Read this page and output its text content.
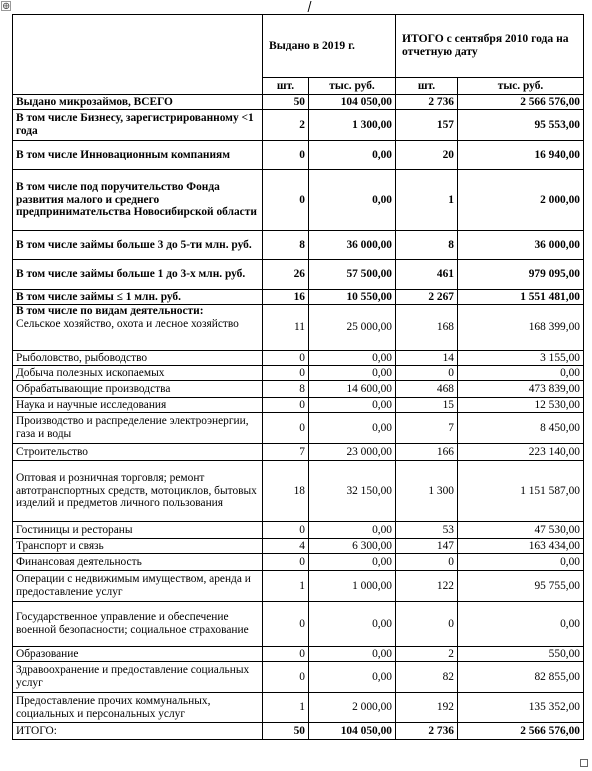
⊕
	Выдано в 2019 г.		ИТОГО с сентября 2010 года на отчетную дату	
	шт.	тыс. руб.	шт.	тыс. руб.
Выдано микрозаймов, ВСЕГО	50	104 050,00	2 736	2 566 576,00
В том числе Бизнесу, зарегистрированному <1 года	2	1 300,00	157	95 553,00
В том числе Инновационным компаниям	0	0,00	20	16 940,00
В том числе под поручительство Фонда развития малого и среднего предпринимательства Новосибирской области	0	0,00	1	2 000,00
В том числе займы больше 3 до 5-ти млн. руб.	8	36 000,00	8	36 000,00
В том числе займы больше 1 до 3-х млн. руб.	26	57 500,00	461	979 095,00
В том числе займы ≤ 1 млн. руб.	16	10 550,00	2 267	1 551 481,00
В том числе по видам деятельности:
Сельское хозяйство, охота и лесное хозяйство	11	25 000,00	168	168 399,00
Рыболовство, рыбоводство	0	0,00	14	3 155,00
Добыча полезных ископаемых	0	0,00	0	0,00
Обрабатывающие производства	8	14 600,00	468	473 839,00
Наука и научные исследования	0	0,00	15	12 530,00
Производство и распределение электроэнергии, газа и воды	0	0,00	7	8 450,00
Строительство	7	23 000,00	166	223 140,00
Оптовая и розничная торговля; ремонт автотранспортных средств, мотоциклов, бытовых изделий и предметов личного пользования	18	32 150,00	1 300	1 151 587,00
Гостиницы и рестораны	0	0,00	53	47 530,00
Транспорт и связь	4	6 300,00	147	163 434,00
Финансовая деятельность	0	0,00	0	0,00
Операции с недвижимым имуществом, аренда и предоставление услуг	1	1 000,00	122	95 755,00
Государственное управление и обеспечение военной безопасности; социальное страхование	0	0,00	0	0,00
Образование	0	0,00	2	550,00
Здравоохранение и предоставление социальных услуг	0	0,00	82	82 855,00
Предоставление прочих коммунальных, социальных и персональных услуг	1	2 000,00	192	135 352,00
ИТОГО:	50	104 050,00	2 736	2 566 576,00
